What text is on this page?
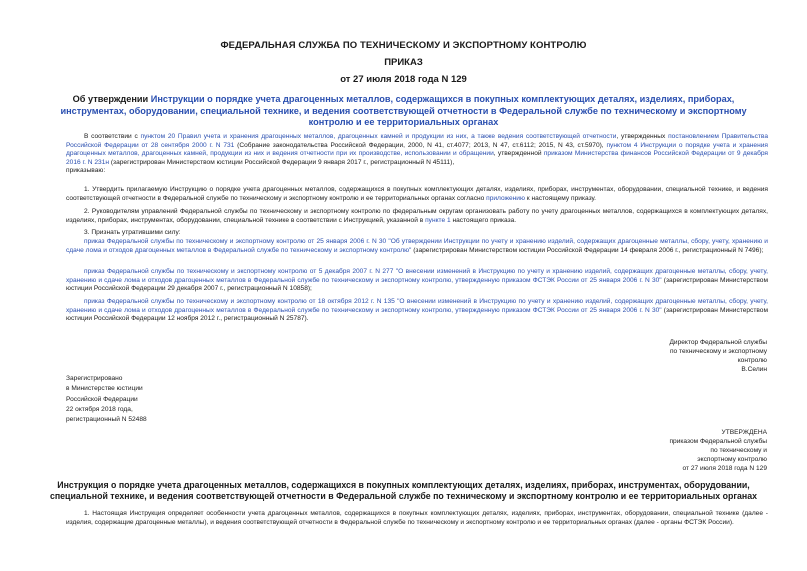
ФЕДЕРАЛЬНАЯ СЛУЖБА ПО ТЕХНИЧЕСКОМУ И ЭКСПОРТНОМУ КОНТРОЛЮ
ПРИКАЗ
от 27 июля 2018 года N 129
Об утверждении Инструкции о порядке учета драгоценных металлов, содержащихся в покупных комплектующих деталях, изделиях, приборах, инструментах, оборудовании, специальной технике, и ведения соответствующей отчетности в Федеральной службе по техническому и экспортному контролю и ее территориальных органах
В соответствии с пунктом 20 Правил учета и хранения драгоценных металлов, драгоценных камней и продукции из них, а также ведения соответствующей отчетности, утвержденных постановлением Правительства Российской Федерации от 28 сентября 2000 г. N 731 (Собрание законодательства Российской Федерации, 2000, N 41, ст.4077; 2013, N 47, ст.6112; 2015, N 43, ст.5970), пунктом 4 Инструкции о порядке учета и хранения драгоценных металлов, драгоценных камней, продукции из них и ведения отчетности при их производстве, использовании и обращении, утвержденной приказом Министерства финансов Российской Федерации от 9 декабря 2016 г. N 231н (зарегистрирован Министерством юстиции Российской Федерации 9 января 2017 г., регистрационный N 45111),
приказываю:
1. Утвердить прилагаемую Инструкцию о порядке учета драгоценных металлов, содержащихся в покупных комплектующих деталях, изделиях, приборах, инструментах, оборудовании, специальной технике, и ведения соответствующей отчетности в Федеральной службе по техническому и экспортному контролю и ее территориальных органах согласно приложению к настоящему приказу.
2. Руководителям управлений Федеральной службы по техническому и экспортному контролю по федеральным округам организовать работу по учету драгоценных металлов, содержащихся в комплектующих деталях, изделиях, приборах, инструментах, оборудовании, специальной технике в соответствии с Инструкцией, указанной в пункте 1 настоящего приказа.
3. Признать утратившими силу:
приказ Федеральной службы по техническому и экспортному контролю от 25 января 2006 г. N 30 "Об утверждении Инструкции по учету и хранению изделий, содержащих драгоценные металлы, сбору, учету, хранению и сдаче лома и отходов драгоценных металлов в Федеральной службе по техническому и экспортному контролю" (зарегистрирован Министерством юстиции Российской Федерации 14 февраля 2006 г., регистрационный N 7496);
приказ Федеральной службы по техническому и экспортному контролю от 5 декабря 2007 г. N 277 "О внесении изменений в Инструкцию по учету и хранению изделий, содержащих драгоценные металлы, сбору, учету, хранению и сдаче лома и отходов драгоценных металлов в Федеральной службе по техническому и экспортному контролю, утвержденную приказом ФСТЭК России от 25 января 2006 г. N 30" (зарегистрирован Министерством юстиции Российской Федерации 29 декабря 2007 г., регистрационный N 10858);
приказ Федеральной службы по техническому и экспортному контролю от 18 октября 2012 г. N 135 "О внесении изменений в Инструкцию по учету и хранению изделий, содержащих драгоценные металлы, сбору, учету, хранению и сдаче лома и отходов драгоценных металлов в Федеральной службе по техническому и экспортному контролю, утвержденную приказом ФСТЭК России от 25 января 2006 г. N 30" (зарегистрирован Министерством юстиции Российской Федерации 12 ноября 2012 г., регистрационный N 25787).
Директор Федеральной службы
по техническому и экспортному
контролю
В.Селин
Зарегистрировано
в Министерстве юстиции
Российской Федерации
22 октября 2018 года,
регистрационный N 52488
УТВЕРЖДЕНА
приказом Федеральной службы
по техническому и
экспортному контролю
от 27 июля 2018 года N 129
Инструкция о порядке учета драгоценных металлов, содержащихся в покупных комплектующих деталях, изделиях, приборах, инструментах, оборудовании, специальной технике, и ведения соответствующей отчетности в Федеральной службе по техническому и экспортному контролю и ее территориальных органах
1. Настоящая Инструкция определяет особенности учета драгоценных металлов, содержащихся в покупных комплектующих деталях, изделиях, приборах, инструментах, оборудовании, специальной технике (далее - изделия, содержащие драгоценные металлы), и ведения соответствующей отчетности в Федеральной службе по техническому и экспортному контролю и ее территориальных органах (далее - органы ФСТЭК России).
